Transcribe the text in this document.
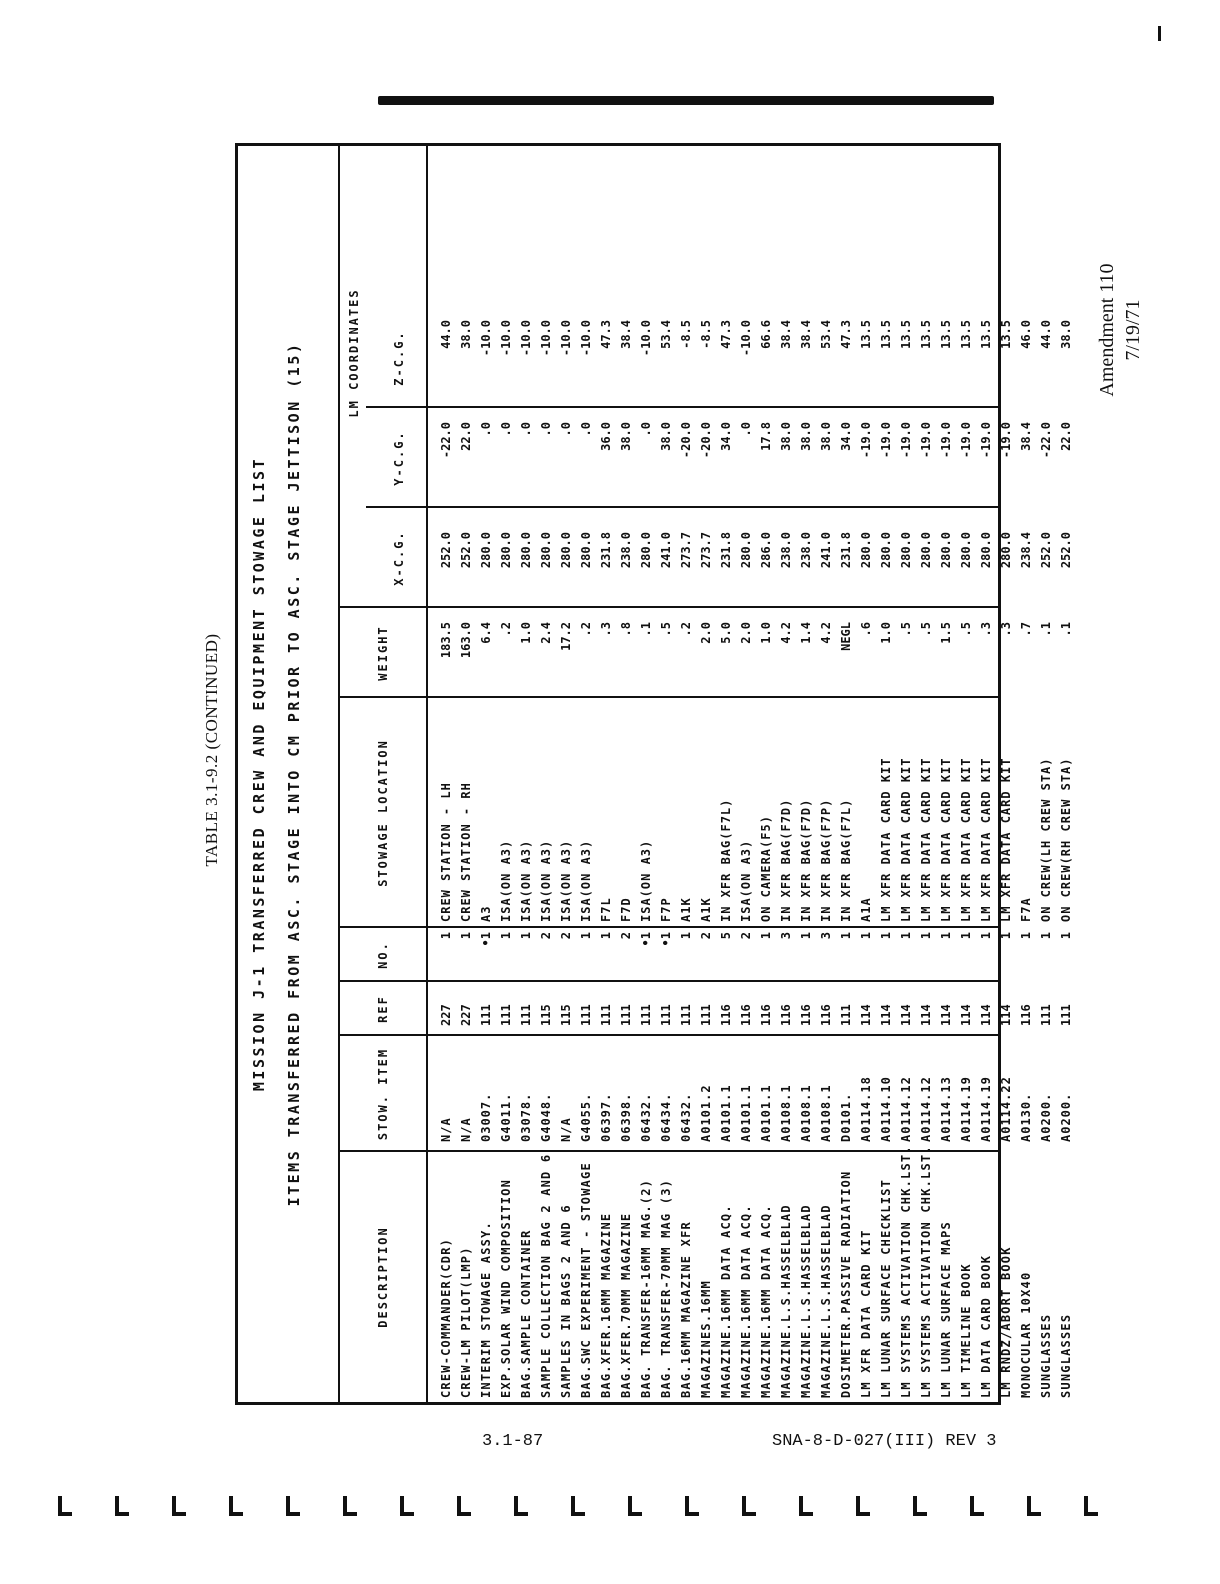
Amendment 110 7/19/71
TABLE 3.1-9.2 (CONTINUED) MISSION J-1 TRANSFERRED CREW AND EQUIPMENT STOWAGE LIST ITEMS TRANSFERRED FROM ASC. STAGE INTO CM PRIOR TO ASC. STAGE JETTISON (15)	LM COORDINATES
DESCRIPTION
STOW. ITEM
REF
NO.
STOWAGE LOCATION
WEIGHT
X-C.G.
Y-C.G.
Z-C.G.
CREW-COMMANDER(CDR)
N/A
227
1
CREW STATION - LH
183.5
252.0
-22.0
44.0
CREW-LM PILOT(LMP)
N/A
227
1
CREW STATION - RH
163.0
252.0
22.0
38.0
INTERIM STOWAGE ASSY.
03007.
111
•1
A3
6.4
280.0
.0
-10.0
EXP.SOLAR WIND COMPOSITION
G4011.
111
1
ISA(ON A3)
.2
280.0
.0
-10.0
BAG.SAMPLE CONTAINER
03078.
111
1
ISA(ON A3)
1.0
280.0
.0
-10.0
SAMPLE COLLECTION BAG 2 AND 6
G4048.
115
2
ISA(ON A3)
2.4
280.0
.0
-10.0
SAMPLES IN BAGS 2 AND 6
N/A
115
2
ISA(ON A3)
17.2
280.0
.0
-10.0
BAG.SWC EXPERIMENT - STOWAGE
G4055.
111
1
ISA(ON A3)
.2
280.0
.0
-10.0
BAG.XFER.16MM MAGAZINE
06397.
111
1
F7L
.3
231.8
36.0
47.3
BAG.XFER.70MM MAGAZINE
06398.
111
2
F7D
.8
238.0
38.0
38.4
BAG. TRANSFER-16MM MAG.(2)
06432.
111
•1
ISA(ON A3)
.1
280.0
.0
-10.0
BAG. TRANSFER-70MM MAG (3)
06434.
111
•1
F7P
.5
241.0
38.0
53.4
BAG.16MM MAGAZINE XFR
06432.
111
1
A1K
.2
273.7
-20.0
-8.5
MAGAZINES.16MM
A0101.2
111
2
A1K
2.0
273.7
-20.0
-8.5
MAGAZINE.16MM DATA ACQ.
A0101.1
116
5
IN XFR BAG(F7L)
5.0
231.8
34.0
47.3
MAGAZINE.16MM DATA ACQ.
A0101.1
116
2
ISA(ON A3)
2.0
280.0
.0
-10.0
MAGAZINE.16MM DATA ACQ.
A0101.1
116
1
ON CAMERA(F5)
1.0
286.0
17.8
66.6
MAGAZINE.L.S.HASSELBLAD
A0108.1
116
3
IN XFR BAG(F7D)
4.2
238.0
38.0
38.4
MAGAZINE.L.S.HASSELBLAD
A0108.1
116
1
IN XFR BAG(F7D)
1.4
238.0
38.0
38.4
MAGAZINE.L.S.HASSELBLAD
A0108.1
116
3
IN XFR BAG(F7P)
4.2
241.0
38.0
53.4
DOSIMETER.PASSIVE RADIATION
D0101.
111
1
IN XFR BAG(F7L)
NEGL
231.8
34.0
47.3
LM XFR DATA CARD KIT
A0114.18
114
1
A1A
.6
280.0
-19.0
13.5
LM LUNAR SURFACE CHECKLIST
A0114.10
114
1
LM XFR DATA CARD KIT
1.0
280.0
-19.0
13.5
LM SYSTEMS ACTIVATION CHK.LST.
A0114.12
114
1
LM XFR DATA CARD KIT
.5
280.0
-19.0
13.5
LM SYSTEMS ACTIVATION CHK.LST.
A0114.12
114
1
LM XFR DATA CARD KIT
.5
280.0
-19.0
13.5
LM LUNAR SURFACE MAPS
A0114.13
114
1
LM XFR DATA CARD KIT
1.5
280.0
-19.0
13.5
LM TIMELINE BOOK
A0114.19
114
1
LM XFR DATA CARD KIT
.5
280.0
-19.0
13.5
LM DATA CARD BOOK
A0114.19
114
1
LM XFR DATA CARD KIT
.3
280.0
-19.0
13.5
LM RNDZ/ABORT BOOK
A0114.22
114
1
LM XFR DATA CARD KIT
.3
280.0
-19.0
13.5
MONOCULAR 10X40
A0130.
116
1
F7A
.7
238.4
38.4
46.0
SUNGLASSES
A0200.
111
1
ON CREW(LH CREW STA)
.1
252.0
-22.0
44.0
SUNGLASSES
A0200.
111
1
ON CREW(RH CREW STA)
.1
252.0
22.0
38.0
3.1-87	SNA-8-D-027(III) REV 3
